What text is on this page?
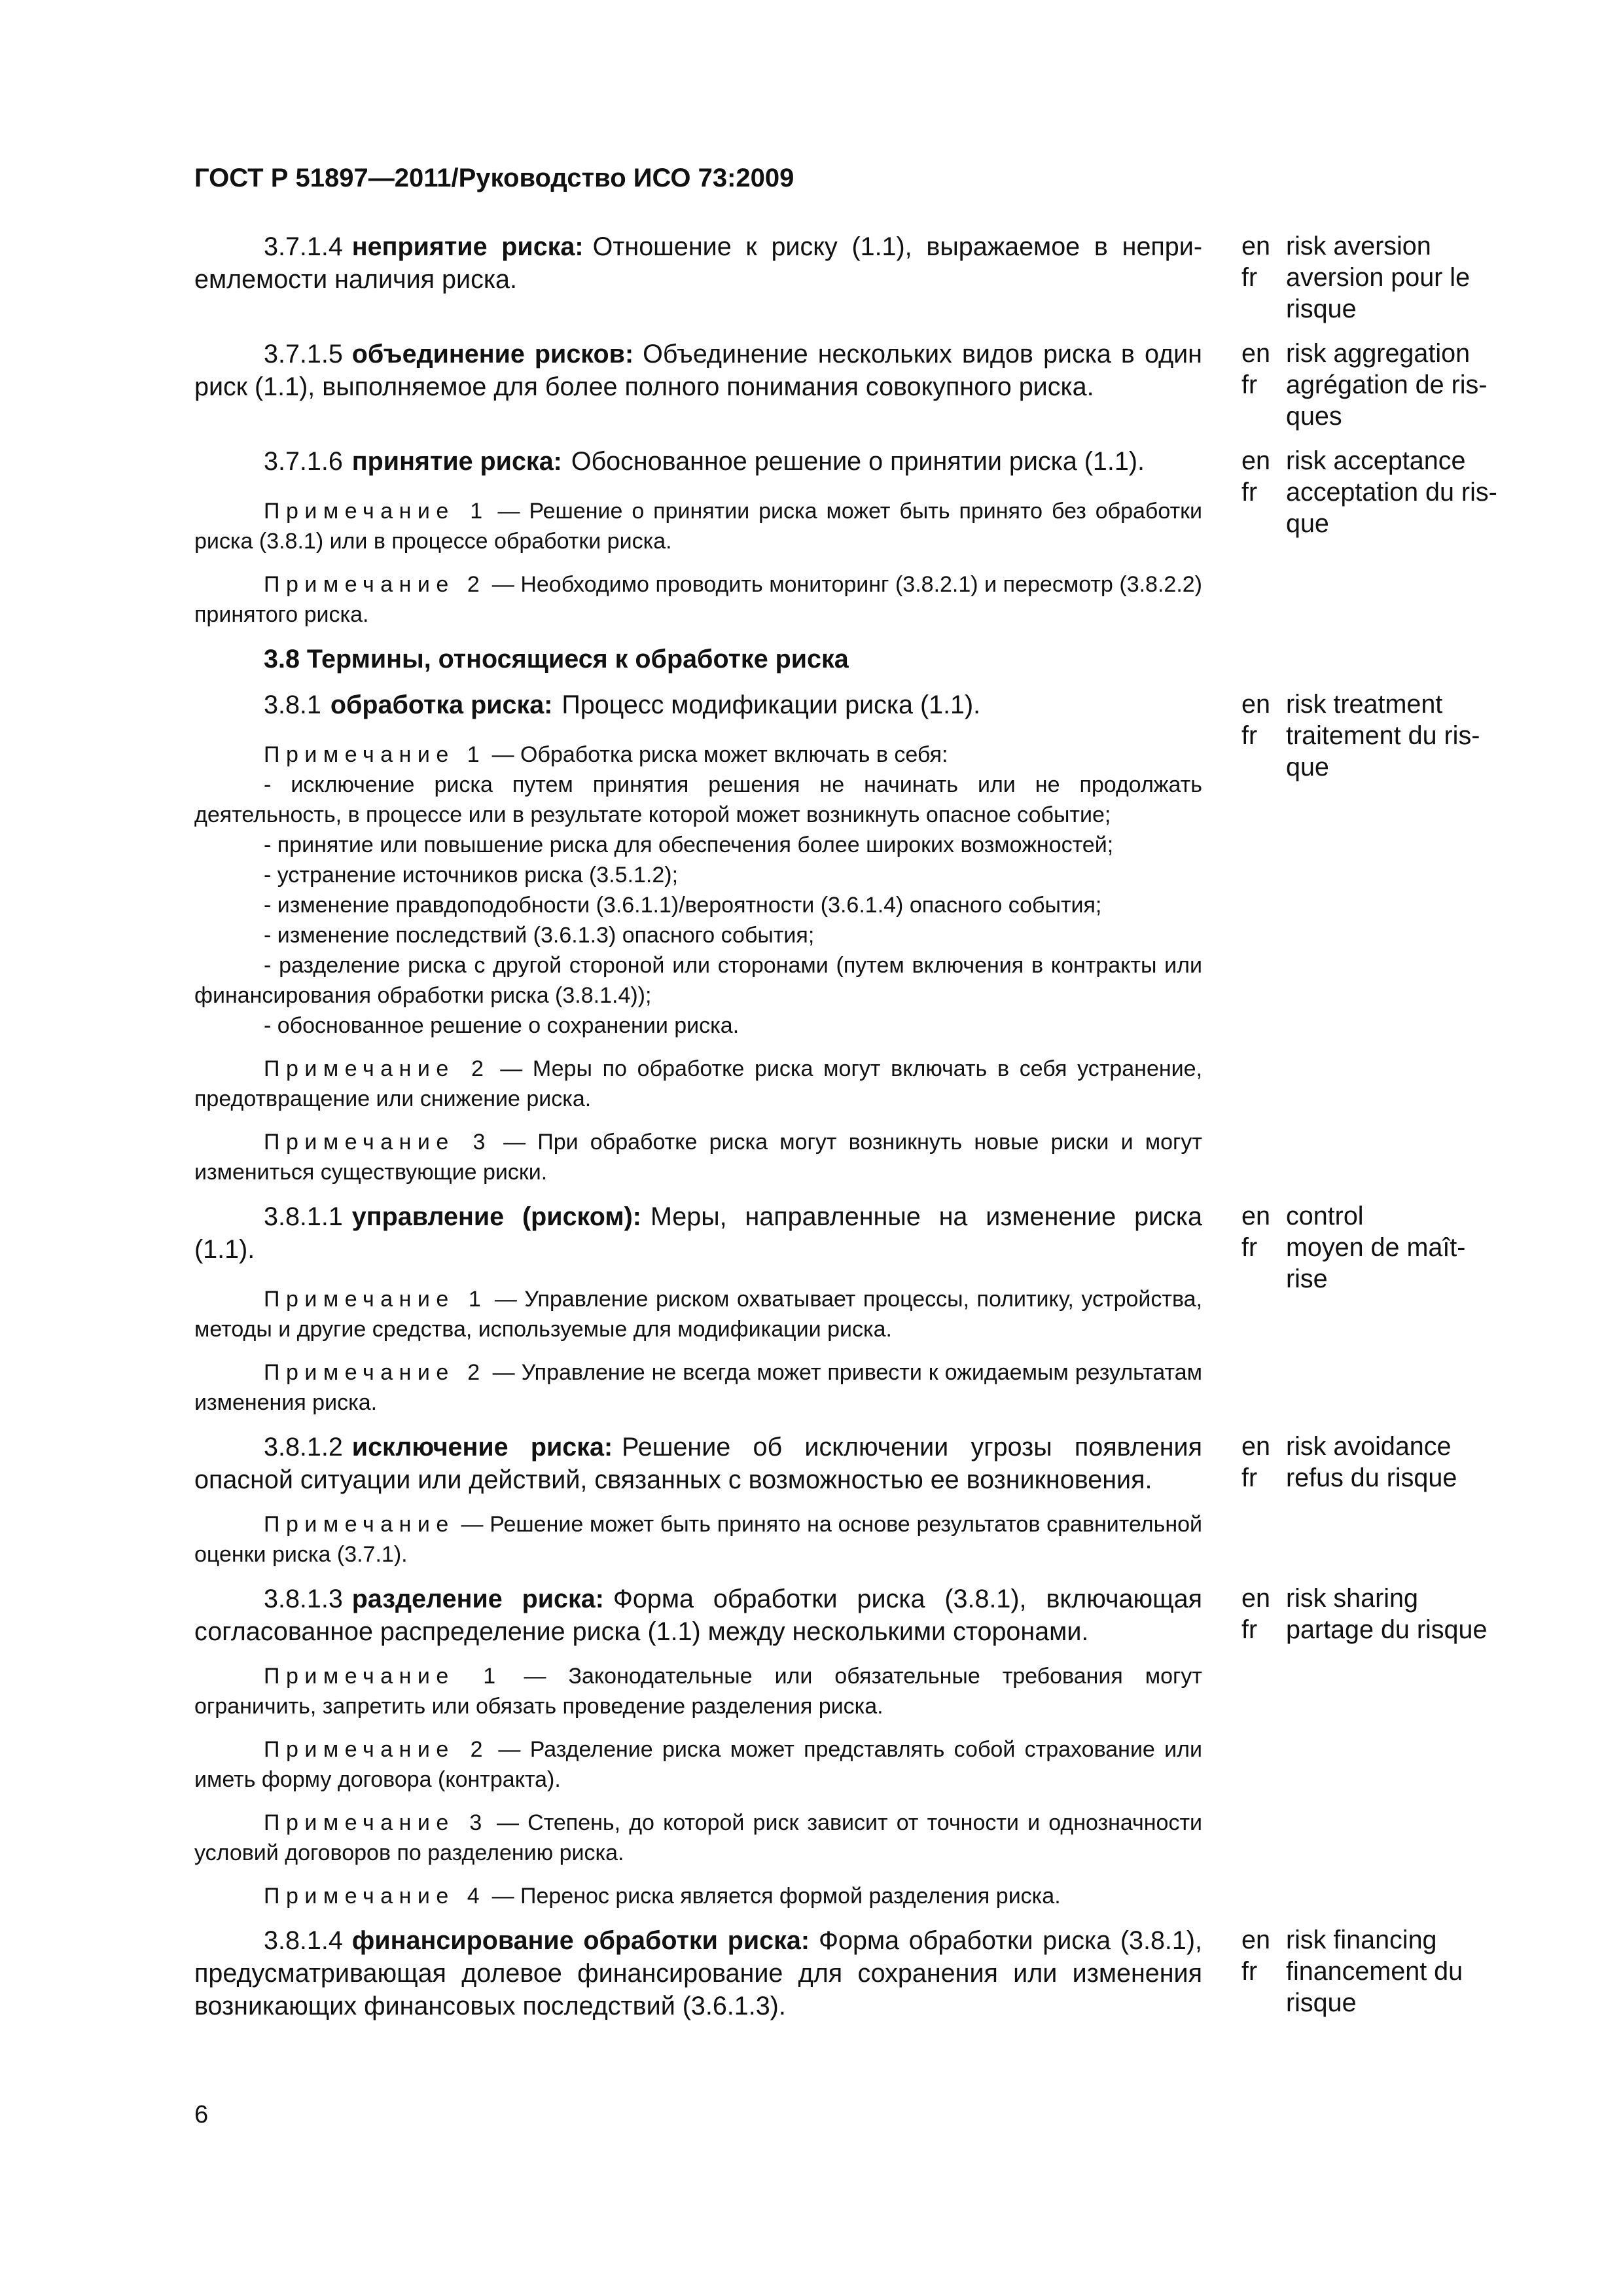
ГОСТ Р 51897—2011/Руководство ИСО 73:2009

3.7.1.4 неприятие риска: Отношение к риску (1.1), выражаемое в непри-емлемости наличия риска.

en risk aversion
fr	aversion pour le
risque

3.7.1.5 объединение рисков: Объединение нескольких видов риска в один риск (1.1), выполняемое для более полного понимания совокупного риска.

en risk aggregation
fr	agrégation de ris-
ques

3.7.1.6 принятие риска: Обоснованное решение о принятии риска (1.1).

Примечание 1 — Решение о принятии риска может быть принято без обработки риска (3.8.1) или в процессе обработки риска.

Примечание 2 — Необходимо проводить мониторинг (3.8.2.1) и пересмотр (3.8.2.2) принятого риска.

en risk acceptance
fr	acceptation du ris-
que

3.8 Термины, относящиеся к обработке риска

3.8.1 обработка риска: Процесс модификации риска (1.1).

Примечание 1 — Обработка риска может включать в себя:

- исключение риска путем принятия решения не начинать или не продолжать деятельность, в процессе или в результате которой может возникнуть опасное событие;

- принятие или повышение риска для обеспечения более широких возможностей;
- устранение источников риска (3.5.1.2);
- изменение правдоподобности (3.6.1.1)/вероятности (3.6.1.4) опасного события;
- изменение последствий (3.6.1.3) опасного события;

- разделение риска с другой стороной или сторонами (путем включения в контракты или финансирования обработки риска (3.8.1.4));

- обоснованное решение о сохранении риска.

Примечание 2 — Меры по обработке риска могут включать в себя устранение, предотвращение или снижение риска.

Примечание 3 — При обработке риска могут возникнуть новые риски и могут измениться существующие риски.

en risk treatment
fr	traitement du ris-
que

3.8.1.1 управление (риском): Меры, направленные на изменение риска (1.1).

Примечание 1 — Управление риском охватывает процессы, политику, устройства, методы и другие средства, используемые для модификации риска.

Примечание 2 — Управление не всегда может привести к ожидаемым результатам изменения риска.

en control
fr	moyen de maît-
rise

3.8.1.2 исключение риска: Решение об исключении угрозы появления опасной ситуации или действий, связанных с возможностью ее возникновения.

Примечание — Решение может быть принято на основе результатов сравнительной оценки риска (3.7.1).

en risk avoidance
fr	refus du risque

3.8.1.3 разделение риска: Форма обработки риска (3.8.1), включающая согласованное распределение риска (1.1) между несколькими сторонами.

Примечание 1 — Законодательные или обязательные требования могут ограничить, запретить или обязать проведение разделения риска.

Примечание 2 — Разделение риска может представлять собой страхование или иметь форму договора (контракта).

Примечание 3 — Степень, до которой риск зависит от точности и однозначности условий договоров по разделению риска.

Примечание 4 — Перенос риска является формой разделения риска.

en risk sharing
fr	partage du risque

3.8.1.4 финансирование обработки риска: Форма обработки риска (3.8.1), предусматривающая долевое финансирование для сохранения или изменения возникающих финансовых последствий (3.6.1.3).

en risk financing
fr	financement du
risque
6
